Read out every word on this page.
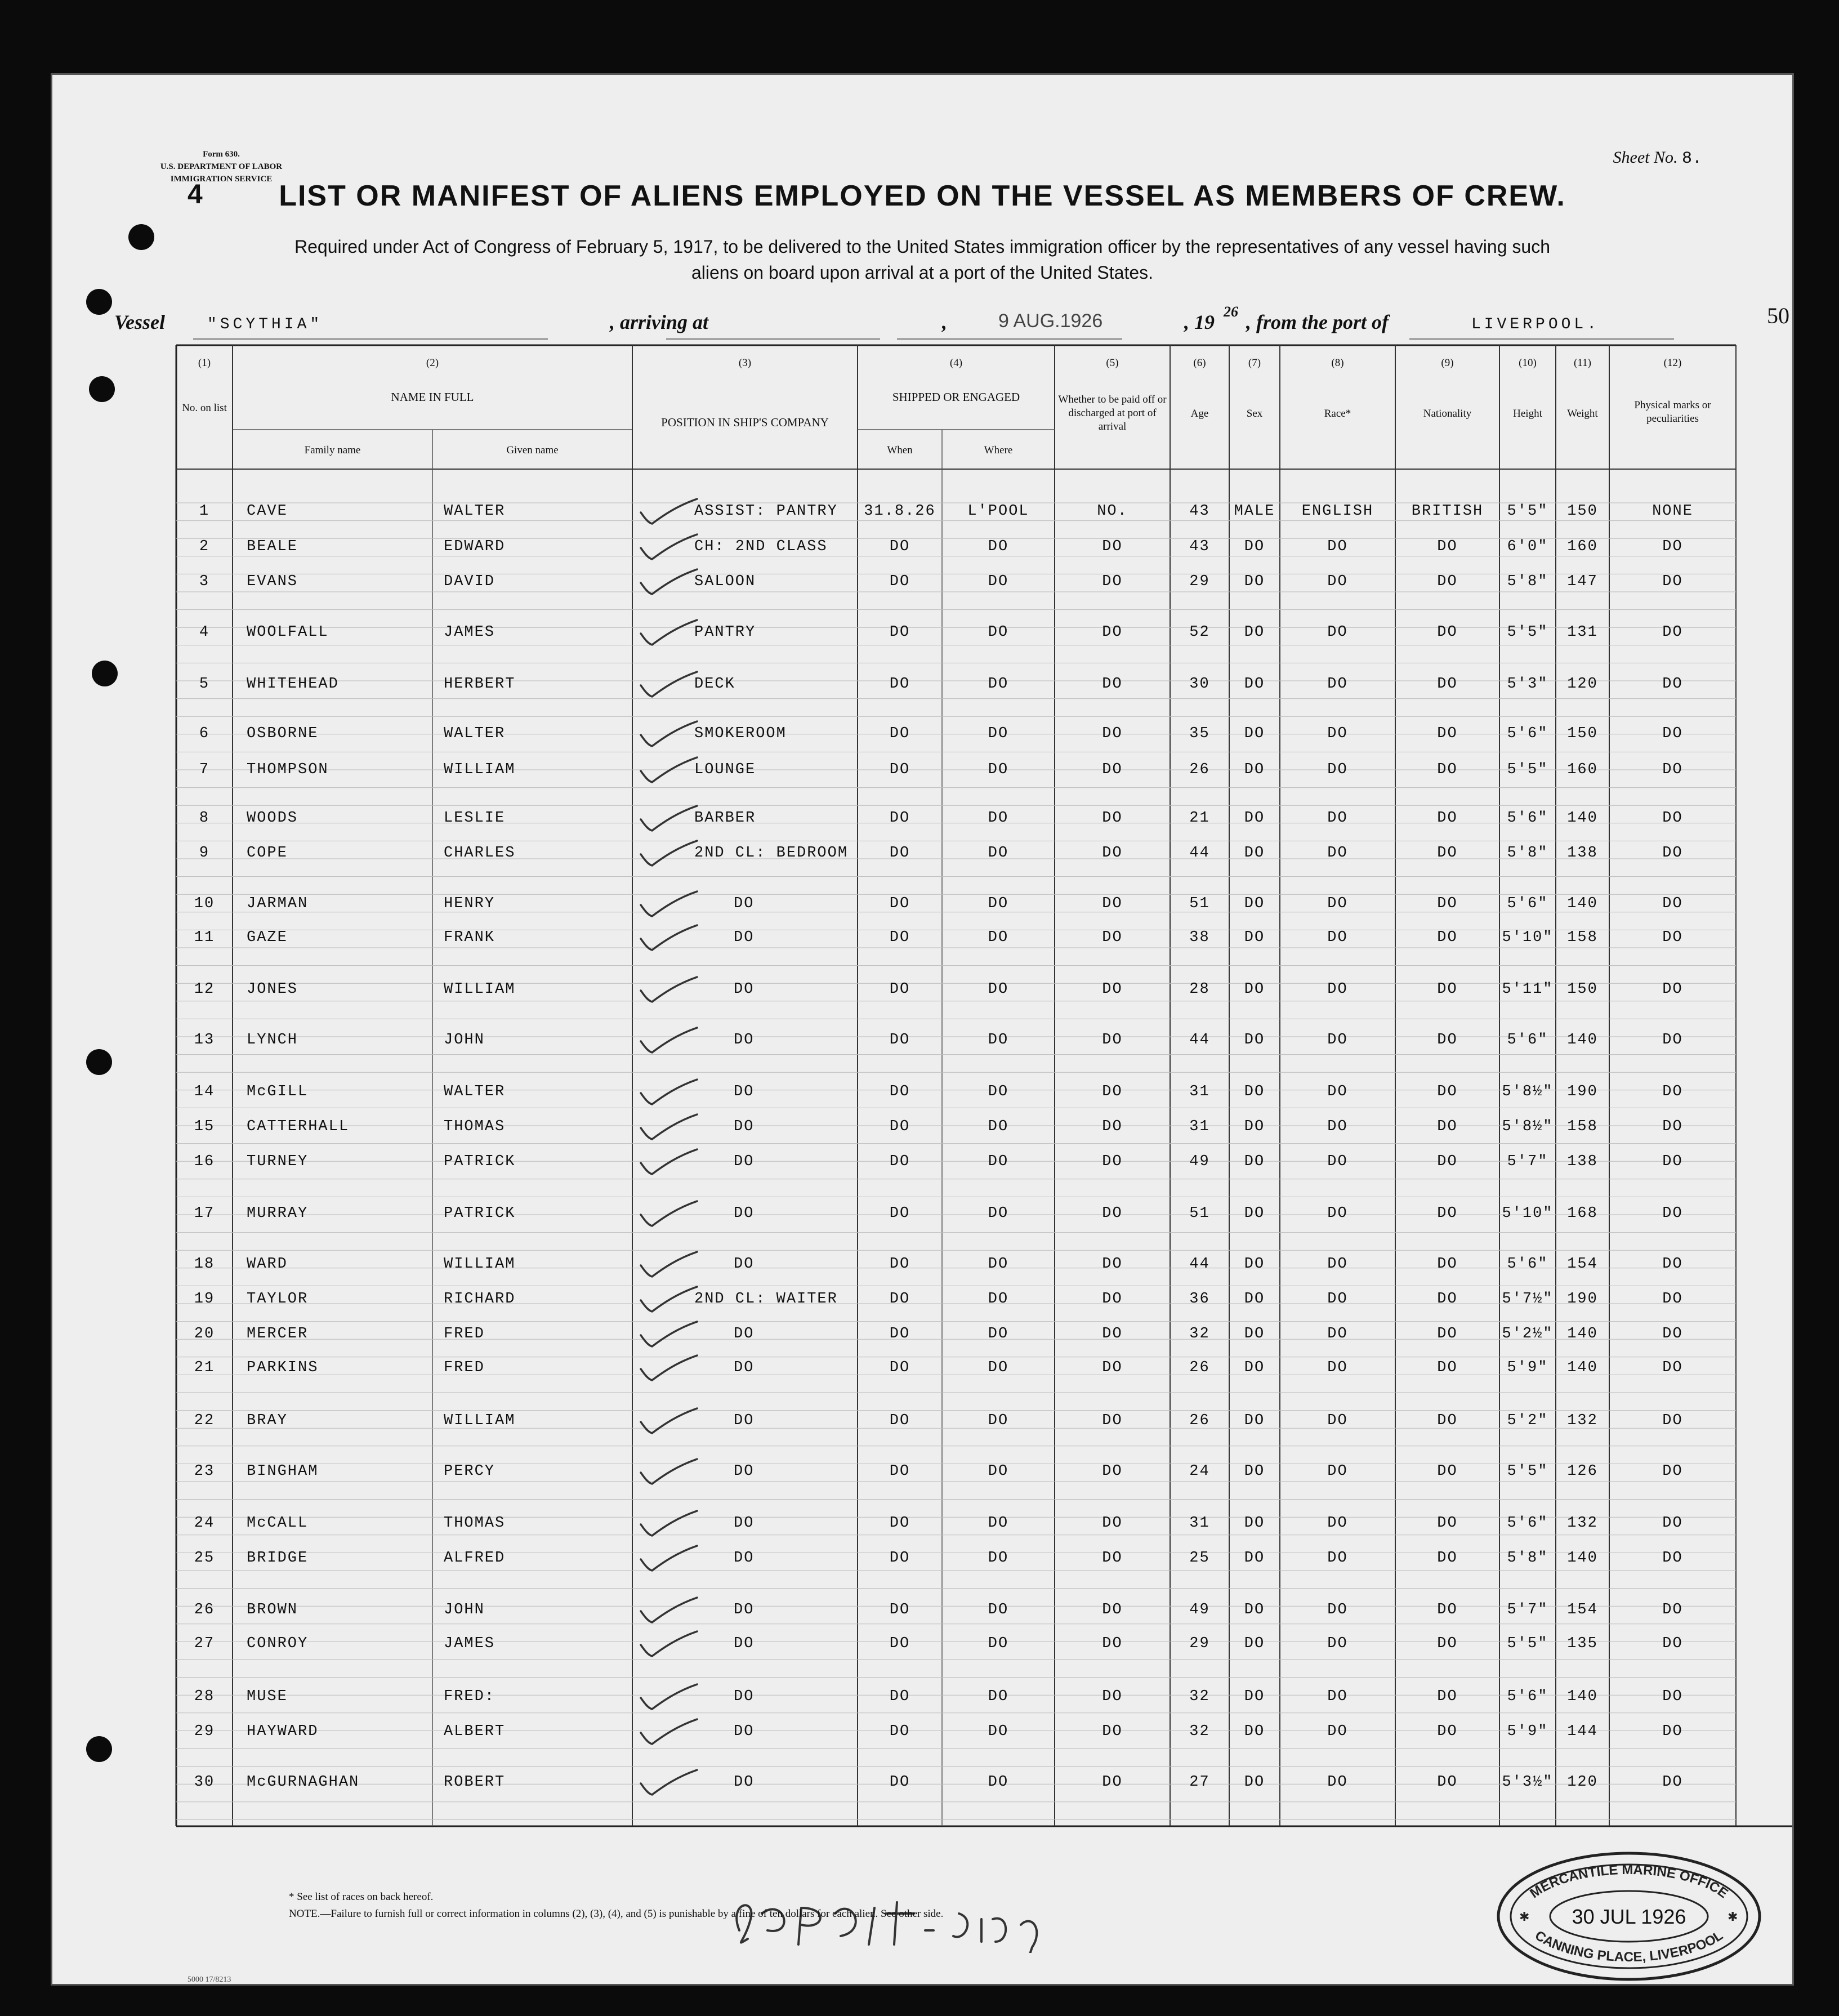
Form 630.
U.S. DEPARTMENT OF LABOR
IMMIGRATION SERVICE
Sheet No. 8.
4	LIST OR MANIFEST OF ALIENS EMPLOYED ON THE VESSEL AS MEMBERS OF CREW.
Required under Act of Congress of February 5, 1917, to be delivered to the United States immigration officer by the representatives of any vessel having such
aliens on board upon arrival at a port of the United States.
Vessel	"SCYTHIA"	, arriving at	,	9 AUG.1926	, 19 26 , from the port of	LIVERPOOL.	50
(1)	(2)	(3)	(4)	(5)	(6)	(7)	(8)	(9)	(10)	(11)	(12)
No. on list
NAME IN FULL
Family name	Given name
POSITION IN SHIP'S COMPANY
SHIPPED OR ENGAGED
When	Where
Whether to be paid off or discharged at port of arrival
Age	Sex	Race*	Nationality	Height	Weight
Physical marks or peculiarities
1	CAVE	WALTER	ASSIST: PANTRY	31.8.26	L'POOL	NO.	43	MALE	ENGLISH	BRITISH	5'5"	150	NONE
2	BEALE	EDWARD	CH: 2ND CLASS	DO	DO	DO	43	DO	DO	DO	6'0"	160	DO
3	EVANS	DAVID	SALOON	DO	DO	DO	29	DO	DO	DO	5'8"	147	DO
4	WOOLFALL	JAMES	PANTRY	DO	DO	DO	52	DO	DO	DO	5'5"	131	DO
5	WHITEHEAD	HERBERT	DECK	DO	DO	DO	30	DO	DO	DO	5'3"	120	DO
6	OSBORNE	WALTER	SMOKEROOM	DO	DO	DO	35	DO	DO	DO	5'6"	150	DO
7	THOMPSON	WILLIAM	LOUNGE	DO	DO	DO	26	DO	DO	DO	5'5"	160	DO
8	WOODS	LESLIE	BARBER	DO	DO	DO	21	DO	DO	DO	5'6"	140	DO
9	COPE	CHARLES	2ND CL: BEDROOM	DO	DO	DO	44	DO	DO	DO	5'8"	138	DO
10	JARMAN	HENRY	DO	DO	DO	DO	51	DO	DO	DO	5'6"	140	DO
11	GAZE	FRANK	DO	DO	DO	DO	38	DO	DO	DO	5'10" 158	DO
12	JONES	WILLIAM	DO	DO	DO	DO	28	DO	DO	DO	5'11" 150	DO
13	LYNCH	JOHN	DO	DO	DO	DO	44	DO	DO	DO	5'6"	140	DO
14	McGILL	WALTER	DO	DO	DO	DO	31	DO	DO	DO	5'8½" 190	DO
15	CATTERHALL	THOMAS	DO	DO	DO	DO	31	DO	DO	DO	5'8½" 158	DO
16	TURNEY	PATRICK	DO	DO	DO	DO	49	DO	DO	DO	5'7"	138	DO
17	MURRAY	PATRICK	DO	DO	DO	DO	51	DO	DO	DO	5'10" 168	DO
18	WARD	WILLIAM	DO	DO	DO	DO	44	DO	DO	DO	5'6"	154	DO
19	TAYLOR	RICHARD	2ND CL: WAITER	DO	DO	DO	36	DO	DO	DO	5'7½" 190	DO
20	MERCER	FRED	DO	DO	DO	DO	32	DO	DO	DO	5'2½" 140	DO
21	PARKINS	FRED	DO	DO	DO	DO	26	DO	DO	DO	5'9"	140	DO
22	BRAY	WILLIAM	DO	DO	DO	DO	26	DO	DO	DO	5'2"	132	DO
23	BINGHAM	PERCY	DO	DO	DO	DO	24	DO	DO	DO	5'5"	126	DO
24	McCALL	THOMAS	DO	DO	DO	DO	31	DO	DO	DO	5'6"	132	DO
25	BRIDGE	ALFRED	DO	DO	DO	DO	25	DO	DO	DO	5'8"	140	DO
26	BROWN	JOHN	DO	DO	DO	DO	49	DO	DO	DO	5'7"	154	DO
27	CONROY	JAMES	DO	DO	DO	DO	29	DO	DO	DO	5'5"	135	DO
28	MUSE	FRED:	DO	DO	DO	DO	32	DO	DO	DO	5'6"	140	DO
29	HAYWARD	ALBERT	DO	DO	DO	DO	32	DO	DO	DO	5'9"	144	DO
30	McGURNAGHAN	ROBERT	DO	DO	DO	DO	27	DO	DO	DO	5'3½" 120	DO
E.P.Abbott. Insp.
MERCANTILE MARINE OFFICE
CANNING PLACE, LIVERPOOL
30 JUL 1926
✱	✱
* See list of races on back hereof.
NOTE.—Failure to furnish full or correct information in columns (2), (3), (4), and (5) is punishable by a fine of ten dollars for each alien. See other side.
5000 17/8213
